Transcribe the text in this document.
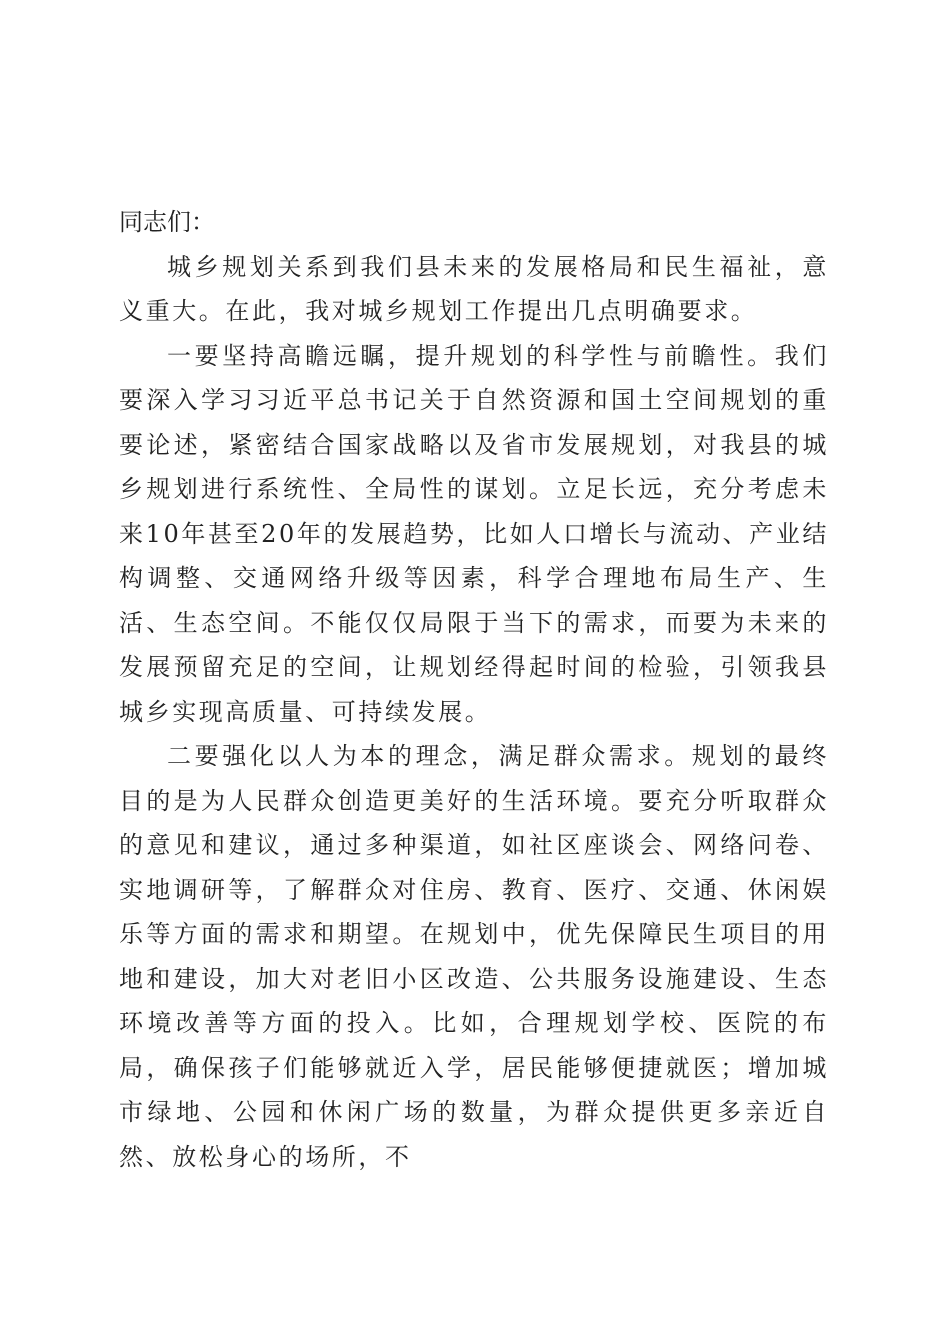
同志们：

城乡规划关系到我们县未来的发展格局和民生福祉，意义重大。在此，我对城乡规划工作提出几点明确要求。

一要坚持高瞻远瞩，提升规划的科学性与前瞻性。我们要深入学习习近平总书记关于自然资源和国土空间规划的重要论述，紧密结合国家战略以及省市发展规划，对我县的城乡规划进行系统性、全局性的谋划。立足长远，充分考虑未来10年甚至20年的发展趋势，比如人口增长与流动、产业结构调整、交通网络升级等因素，科学合理地布局生产、生活、生态空间。不能仅仅局限于当下的需求，而要为未来的发展预留充足的空间，让规划经得起时间的检验，引领我县城乡实现高质量、可持续发展。

二要强化以人为本的理念，满足群众需求。规划的最终目的是为人民群众创造更美好的生活环境。要充分听取群众的意见和建议，通过多种渠道，如社区座谈会、网络问卷、实地调研等，了解群众对住房、教育、医疗、交通、休闲娱乐等方面的需求和期望。在规划中，优先保障民生项目的用地和建设，加大对老旧小区改造、公共服务设施建设、生态环境改善等方面的投入。比如，合理规划学校、医院的布局，确保孩子们能够就近入学，居民能够便捷就医；增加城市绿地、公园和休闲广场的数量，为群众提供更多亲近自然、放松身心的场所，不
